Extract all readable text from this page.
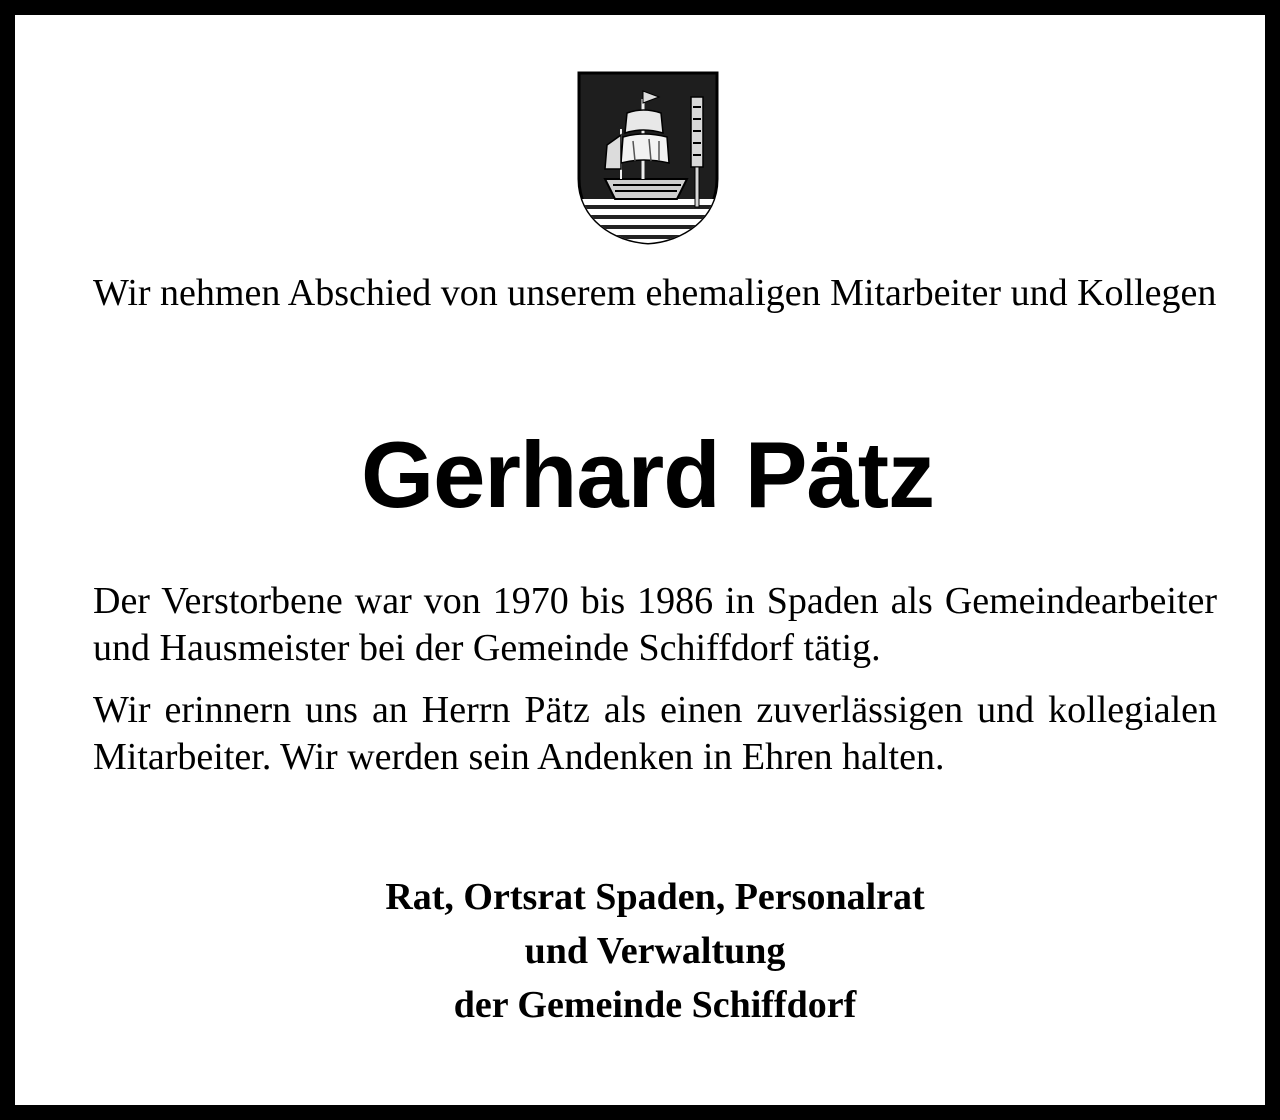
Wir nehmen Abschied von unserem ehemaligen Mitarbeiter und Kollegen

Gerhard Pätz

Der Verstorbene war von 1970 bis 1986 in Spaden als Gemeindearbeiter und Hausmeister bei der Gemeinde Schiffdorf tätig.

Wir erinnern uns an Herrn Pätz als einen zuverlässigen und kollegialen Mitarbeiter. Wir werden sein Andenken in Ehren halten.

Rat, Ortsrat Spaden, Personalrat
und Verwaltung
der Gemeinde Schiffdorf
